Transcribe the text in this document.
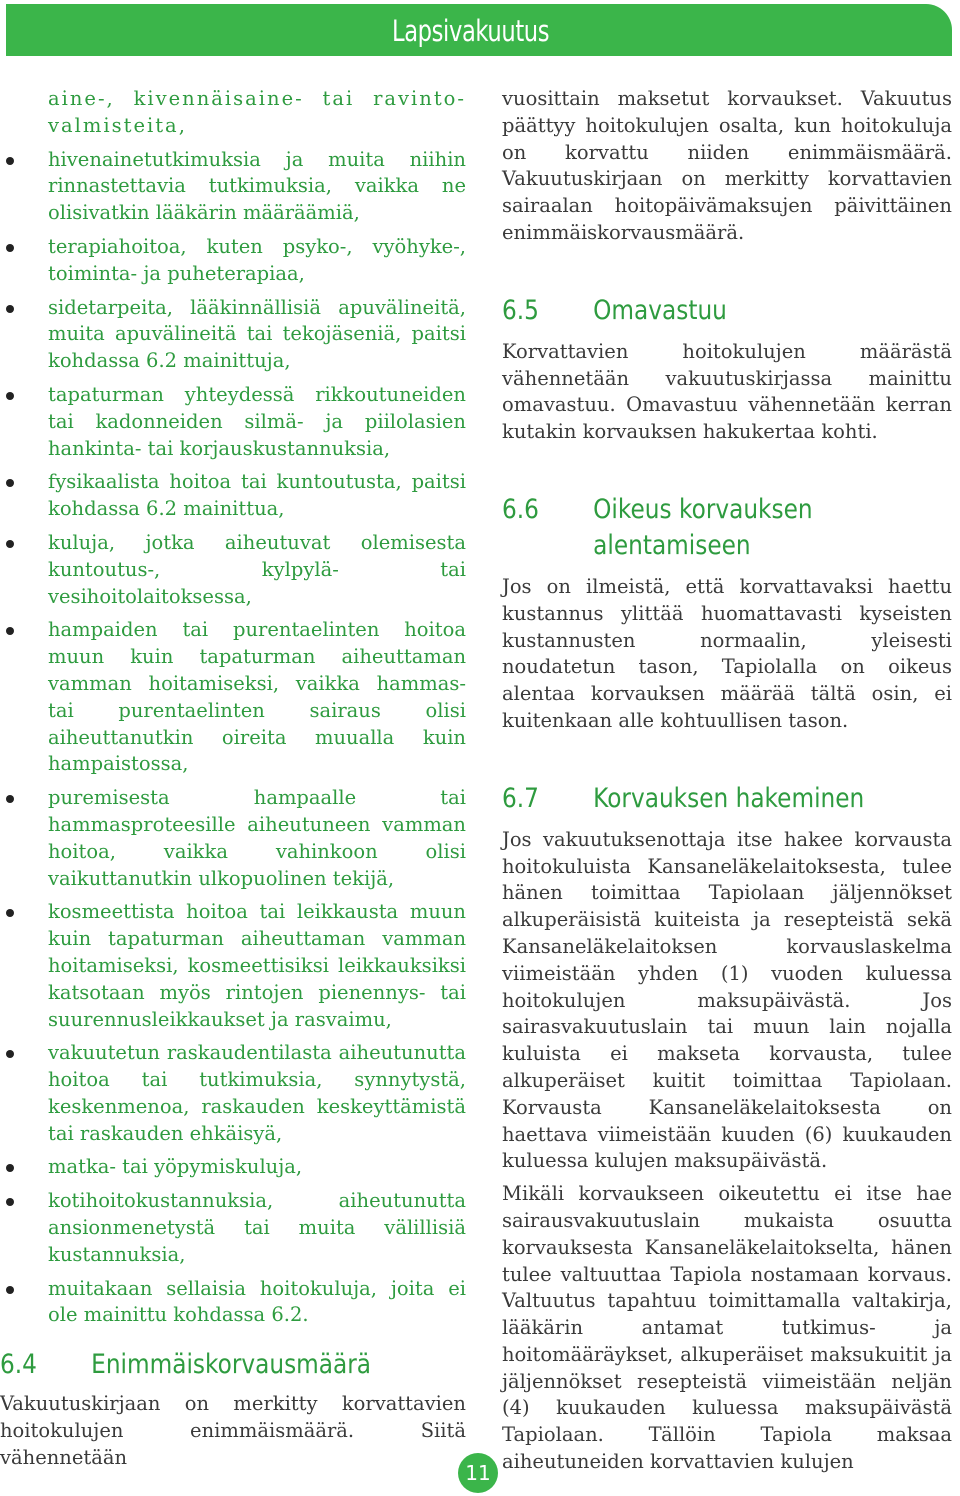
Lapsivakuutus
aine-, kivennäisaine- tai ravinto-valmisteita,
hivenainetutkimuksia ja muita niihin rinnastettavia tutkimuksia, vaikka ne olisivatkin lääkärin määräämiä,
terapiahoitoa, kuten psyko-, vyöhyke-, toiminta- ja puheterapiaa,
sidetarpeita, lääkinnällisiä apuvälineitä, muita apuvälineitä tai tekojäseniä, paitsi kohdassa 6.2 mainittuja,
tapaturman yhteydessä rikkoutuneiden tai kadonneiden silmä- ja piilolasien hankinta- tai korjauskustannuksia,
fysikaalista hoitoa tai kuntoutusta, paitsi kohdassa 6.2 mainittua,
kuluja, jotka aiheutuvat olemisesta kuntoutus-, kylpylä- tai vesihoitolaitoksessa,
hampaiden tai purentaelinten hoitoa muun kuin tapaturman aiheuttaman vamman hoitamiseksi, vaikka hammas- tai purentaelinten sairaus olisi aiheuttanutkin oireita muualla kuin hampaistossa,
puremisesta hampaalle tai hammasproteesille aiheutuneen vamman hoitoa, vaikka vahinkoon olisi vaikuttanutkin ulkopuolinen tekijä,
kosmeettista hoitoa tai leikkausta muun kuin tapaturman aiheuttaman vamman hoitamiseksi, kosmeettisiksi leikkauksiksi katsotaan myös rintojen pienennys- tai suurennusleikkaukset ja rasvaimu,
vakuutetun raskaudentilasta aiheutunutta hoitoa tai tutkimuksia, synnytystä, keskenmenoa, raskauden keskeyttämistä tai raskauden ehkäisyä,
matka- tai yöpymiskuluja,
kotihoitokustannuksia, aiheutunutta ansionmenetystä tai muita välillisiä kustannuksia,
muitakaan sellaisia hoitokuluja, joita ei ole mainittu kohdassa 6.2.
6.4	Enimmäiskorvausmäärä
Vakuutuskirjaan on merkitty korvattavien hoitokulujen enimmäismäärä. Siitä vähennetään
vuosittain maksetut korvaukset. Vakuutus päättyy hoitokulujen osalta, kun hoitokuluja on korvattu niiden enimmäismäärä. Vakuutuskirjaan on merkitty korvattavien sairaalan hoitopäivämaksujen päivittäinen enimmäiskorvausmäärä.
6.5	Omavastuu
Korvattavien hoitokulujen määrästä vähennetään vakuutuskirjassa mainittu omavastuu. Omavastuu vähennetään kerran kutakin korvauksen hakukertaa kohti.
6.6	Oikeus korvauksen
alentamiseen
Jos on ilmeistä, että korvattavaksi haettu kustannus ylittää huomattavasti kyseisten kustannusten normaalin, yleisesti noudatetun tason, Tapiolalla on oikeus alentaa korvauksen määrää tältä osin, ei kuitenkaan alle kohtuullisen tason.
6.7	Korvauksen hakeminen
Jos vakuutuksenottaja itse hakee korvausta hoitokuluista Kansaneläkelaitoksesta, tulee hänen toimittaa Tapiolaan jäljennökset alkuperäisistä kuiteista ja resepteistä sekä Kansaneläkelaitoksen korvauslaskelma viimeistään yhden (1) vuoden kuluessa hoitokulujen maksupäivästä. Jos sairasvakuutuslain tai muun lain nojalla kuluista ei makseta korvausta, tulee alkuperäiset kuitit toimittaa Tapiolaan. Korvausta Kansaneläkelaitoksesta on haettava viimeistään kuuden (6) kuukauden kuluessa kulujen maksupäivästä.
Mikäli korvaukseen oikeutettu ei itse hae sairausvakuutuslain mukaista osuutta korvauksesta Kansaneläkelaitokselta, hänen tulee valtuuttaa Tapiola nostamaan korvaus. Valtuutus tapahtuu toimittamalla valtakirja, lääkärin antamat tutkimus- ja hoitomääräykset, alkuperäiset maksukuitit ja jäljennökset resepteistä viimeistään neljän (4) kuukauden kuluessa maksupäivästä Tapiolaan. Tällöin Tapiola maksaa aiheutuneiden korvattavien kulujen
11
